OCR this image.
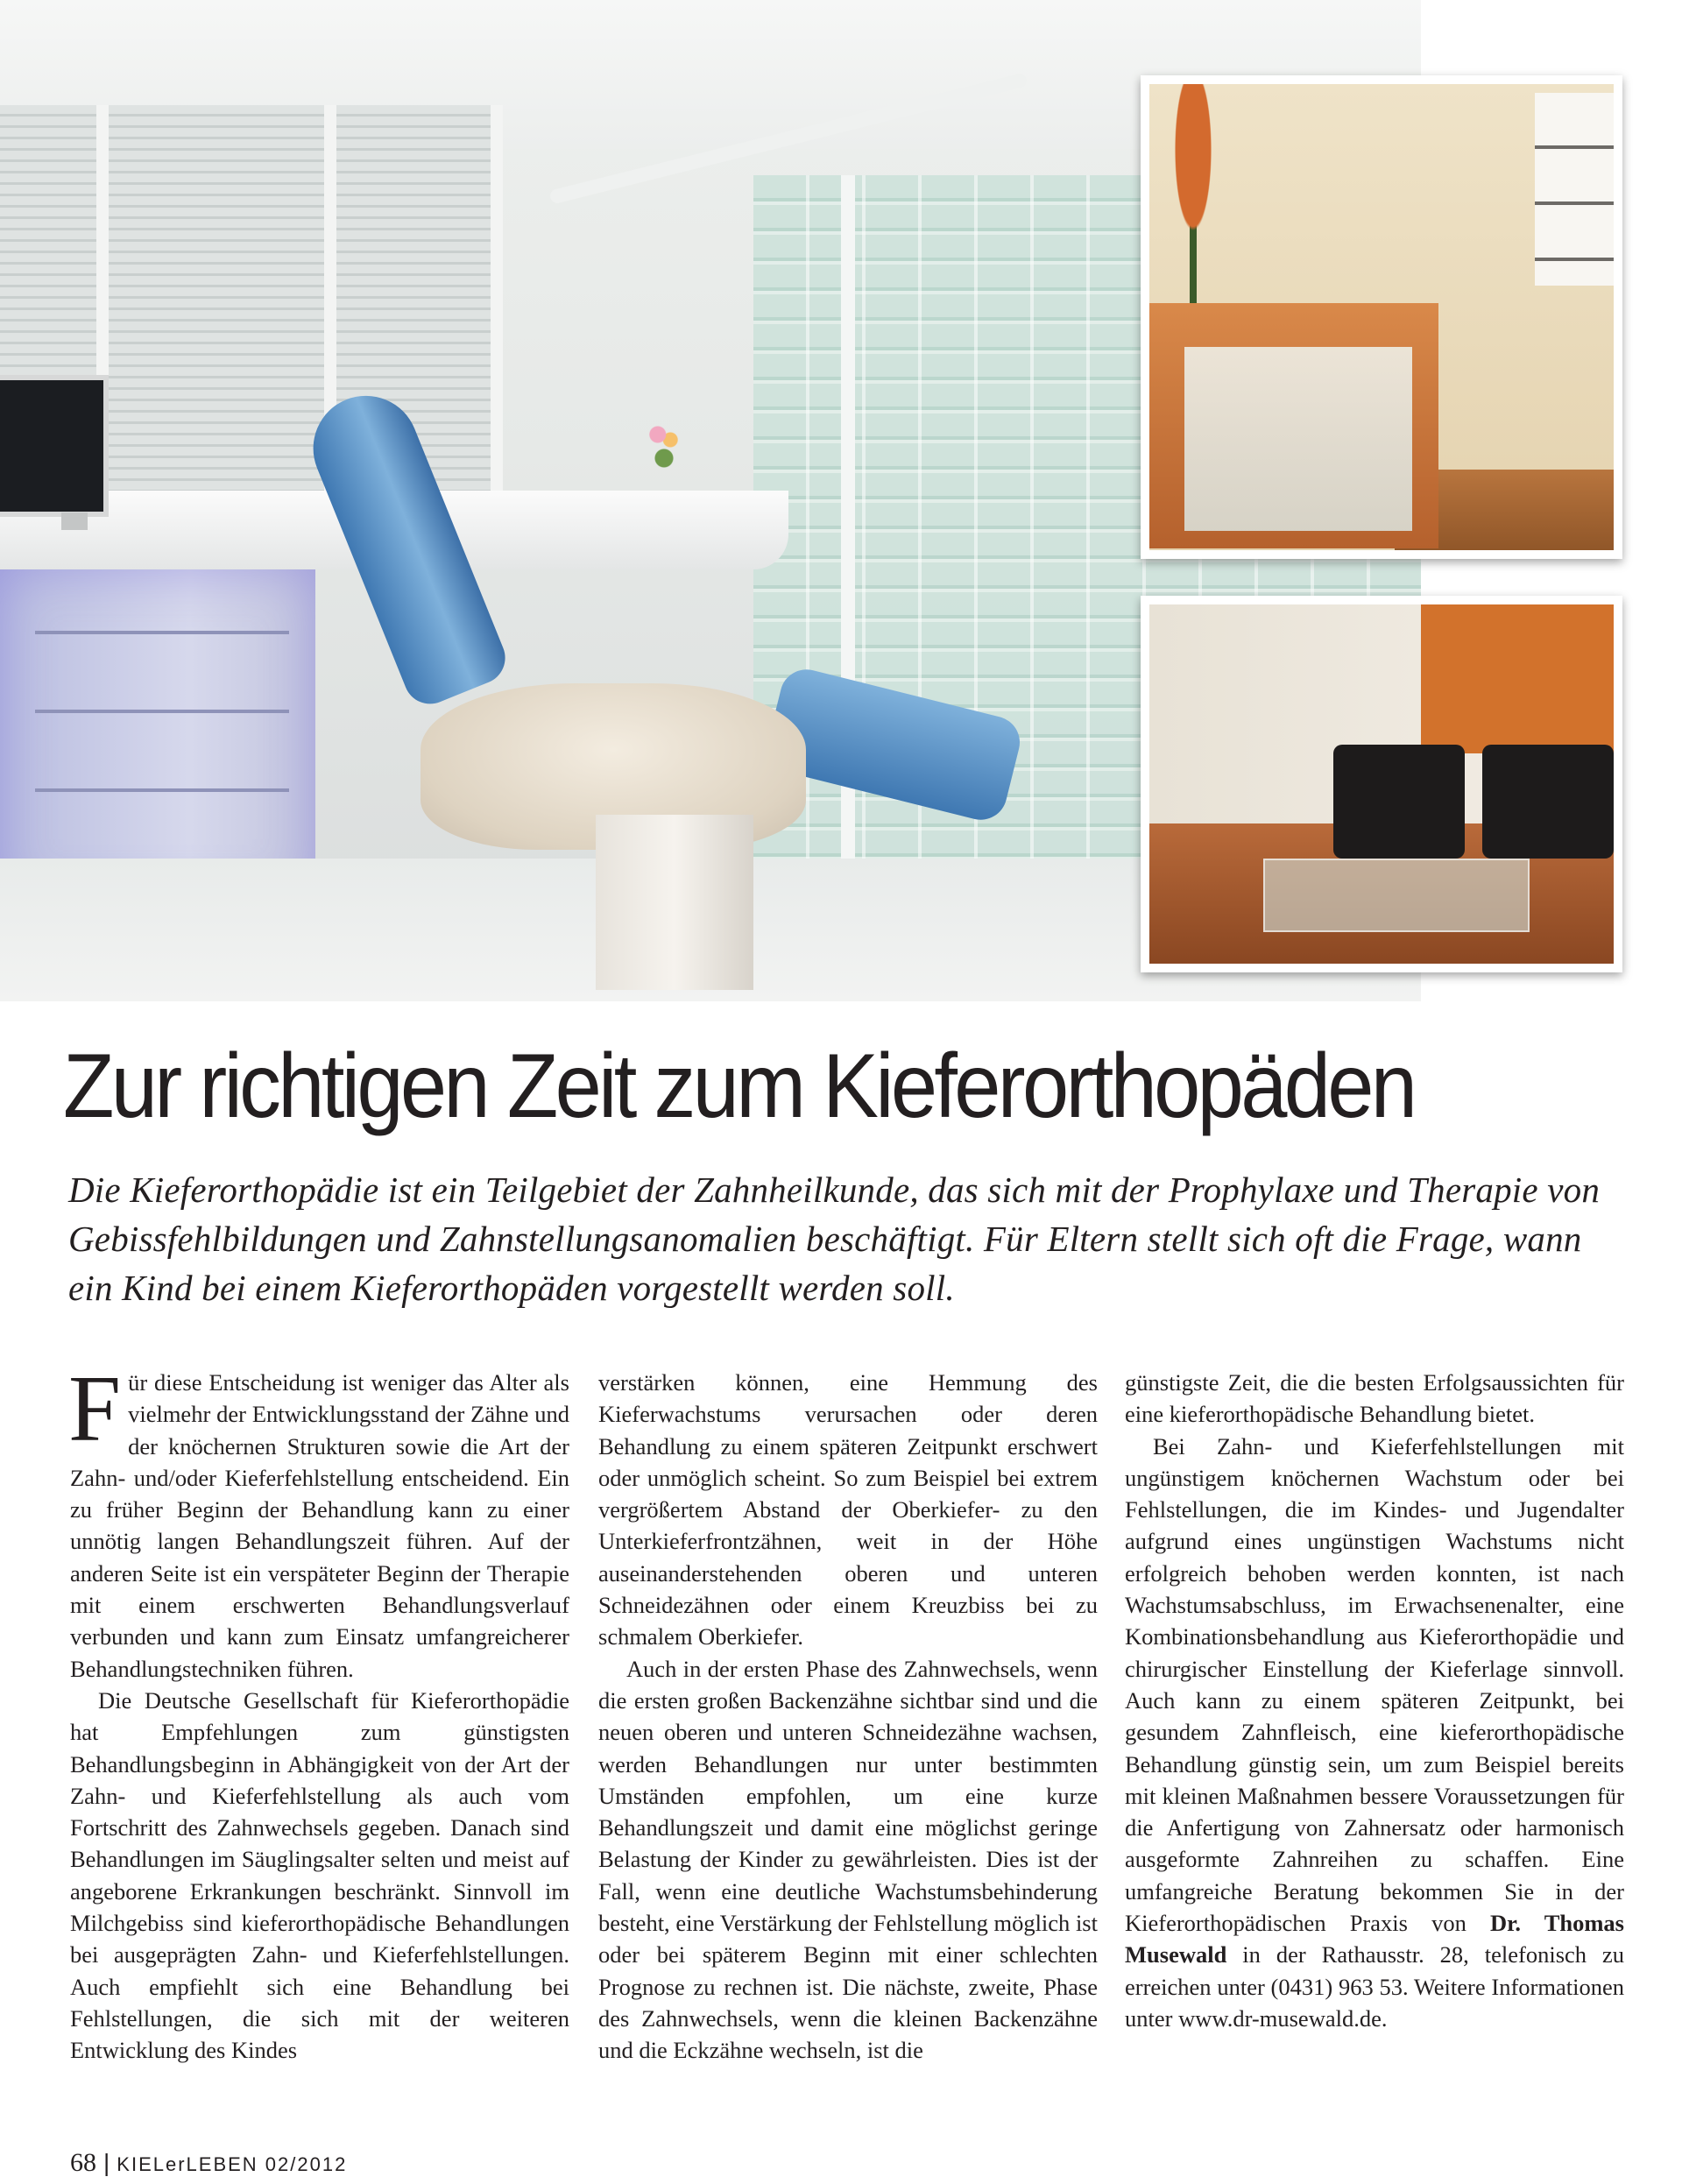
Zur richtigen Zeit zum Kieferorthopäden

Die Kieferorthopädie ist ein Teilgebiet der Zahnheilkunde, das sich mit der Prophylaxe und Therapie von Gebissfehlbildungen und Zahnstellungsanomalien beschäftigt. Für Eltern stellt sich oft die Frage, wann ein Kind bei einem Kieferorthopäden vorgestellt werden soll.

Für diese Entscheidung ist weniger das Alter als vielmehr der Entwicklungsstand der Zähne und der knöchernen Strukturen sowie die Art der Zahn- und/oder Kieferfehlstellung entscheidend. Ein zu früher Beginn der Behandlung kann zu einer unnötig langen Behandlungszeit führen. Auf der anderen Seite ist ein verspäteter Beginn der Therapie mit einem erschwerten Behandlungsverlauf verbunden und kann zum Einsatz umfangreicherer Behandlungstechniken führen.

Die Deutsche Gesellschaft für Kieferorthopädie hat Empfehlungen zum günstigsten Behandlungsbeginn in Abhängigkeit von der Art der Zahn- und Kieferfehlstellung als auch vom Fortschritt des Zahnwechsels gegeben. Danach sind Behandlungen im Säuglingsalter selten und meist auf angeborene Erkrankungen beschränkt. Sinnvoll im Milchgebiss sind kieferorthopädische Behandlungen bei ausgeprägten Zahn- und Kieferfehlstellungen. Auch empfiehlt sich eine Behandlung bei Fehlstellungen, die sich mit der weiteren Entwicklung des Kindes

verstärken können, eine Hemmung des Kieferwachstums verursachen oder deren Behandlung zu einem späteren Zeitpunkt erschwert oder unmöglich scheint. So zum Beispiel bei extrem vergrößertem Abstand der Oberkiefer- zu den Unterkieferfrontzähnen, weit in der Höhe auseinanderstehenden oberen und unteren Schneidezähnen oder einem Kreuzbiss bei zu schmalem Oberkiefer.

Auch in der ersten Phase des Zahnwechsels, wenn die ersten großen Backenzähne sichtbar sind und die neuen oberen und unteren Schneidezähne wachsen, werden Behandlungen nur unter bestimmten Umständen empfohlen, um eine kurze Behandlungszeit und damit eine möglichst geringe Belastung der Kinder zu gewährleisten. Dies ist der Fall, wenn eine deutliche Wachstumsbehinderung besteht, eine Verstärkung der Fehlstellung möglich ist oder bei späterem Beginn mit einer schlechten Prognose zu rechnen ist. Die nächste, zweite, Phase des Zahnwechsels, wenn die kleinen Backenzähne und die Eckzähne wechseln, ist die

günstigste Zeit, die die besten Erfolgsaussichten für eine kieferorthopädische Behandlung bietet.

Bei Zahn- und Kieferfehlstellungen mit ungünstigem knöchernen Wachstum oder bei Fehlstellungen, die im Kindes- und Jugendalter aufgrund eines ungünstigen Wachstums nicht erfolgreich behoben werden konnten, ist nach Wachstumsabschluss, im Erwachsenenalter, eine Kombinationsbehandlung aus Kieferorthopädie und chirurgischer Einstellung der Kieferlage sinnvoll. Auch kann zu einem späteren Zeitpunkt, bei gesundem Zahnfleisch, eine kieferorthopädische Behandlung günstig sein, um zum Beispiel bereits mit kleinen Maßnahmen bessere Voraussetzungen für die Anfertigung von Zahnersatz oder harmonisch ausgeformte Zahnreihen zu schaffen. Eine umfangreiche Beratung bekommen Sie in der Kieferorthopädischen Praxis von Dr. Thomas Musewald in der Rathausstr. 28, telefonisch zu erreichen unter (0431) 963 53. Weitere Informationen unter www.dr-musewald.de.

68 | KIELerLEBEN 02/2012
